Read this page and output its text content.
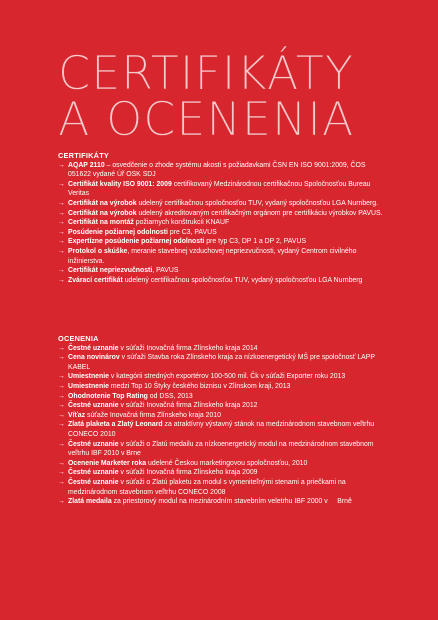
CERTIFIKÁTY
A OCENENIA
CERTIFIKÁTY
→ AQAP 2110 – osvedčenie o zhode systému akosti s požiadavkami ČSN EN ISO 9001:2009, ČOS 051622 vydané Úř OSK SDJ
→ Certifikát kvality ISO 9001: 2009 certifikovaný Medzinárodnou certifikačnou Spoločnosťou Bureau Veritas
→ Certifikát na výrobok udelený certifikačnou spoločnosťou TUV, vydaný spoločnosťou LGA Nurnberg.
→ Certifikát na výrobok udelený akreditovaným certifikačným orgánom pre certifikáciu výrobkov PAVUS.
→ Certifikát na montáž požiarnych konštrukcií KNAUF
→ Posúdenie požiarnej odolnosti pre C3, PAVUS
→ Expertízne posúdenie požiarnej odolnosti pre typ C3, DP 1 a DP 2, PAVUS
→ Protokol o skúške, meranie stavebnej vzduchovej nepriezvučnosti, vydaný Centrom civilného inžinierstva.
→ Certifikát nepriezvučnosti, PAVUS
→ Zvárací certifikát udelený certifikačnou spoločnosťou TUV, vydaný spoločnosťou LGA Nurnberg
OCENENIA
→ Čestné uznanie v súťaži Inovačná firma Zlínskeho kraja 2014
→ Cena novinárov v súťaži Stavba roka Zlínskeho kraja za nízkoenergetický MŠ pre spoločnosť LAPP KABEL
→ Umiestnenie v kategórii stredných exportérov 100-500 mil. Čk v súťaži Exporter roku 2013
→ Umiestnenie medzi Top 10 Štyky českého biznisu v Zlínskom kraji, 2013
→ Ohodnotenie Top Rating od DSS, 2013
→ Čestné uznanie v súťaži Inovačná firma Zlínskeho kraja 2012
→ Víťaz súťaže Inovačná firma Zlínskeho kraja 2010
→ Zlatá plaketa a Zlatý Leonard za atraktívny výstavný stánok na medzinárodnom stavebnom veľtrhu CONECO 2010
→ Čestné uznanie v súťaži o Zlatú medailu za nízkoenergetický modul na medzinárodnom stavebnom veľtrhu IBF 2010 v Brne
→ Ocenenie Marketer roka udelené Českou marketingovou spoločnosťou, 2010
→ Čestné uznanie v súťaži Inovačná firma Zlínskeho kraja 2009
→ Čestné uznanie v súťaži o Zlatú plaketu za modul s vymeniteľnými stenami a priečkami na medzinárodnom stavebnom veľtrhu CONECO 2008
→ Zlatá medaila za priestorový modul na mezinárodním stavebním veletrhu IBF 2000 v     Brně
